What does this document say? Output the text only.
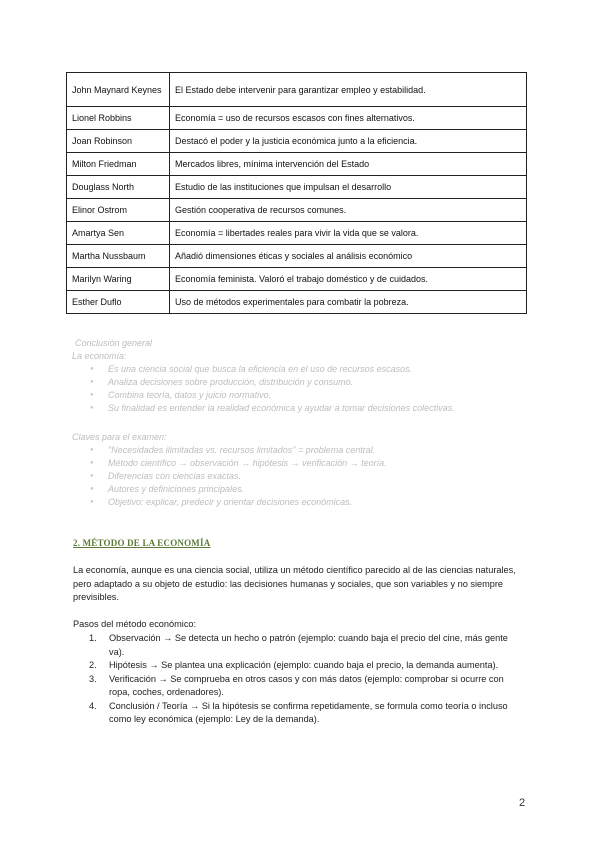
John Maynard Keynes	El Estado debe intervenir para garantizar empleo y estabilidad.
Lionel Robbins	Economía = uso de recursos escasos con fines alternativos.
Joan Robinson	Destacó el poder y la justicia económica junto a la eficiencia.
Milton Friedman	Mercados libres, mínima intervención del Estado
Douglass North	Estudio de las instituciones que impulsan el desarrollo
Elinor Ostrom	Gestión cooperativa de recursos comunes.
Amartya Sen	Economía = libertades reales para vivir la vida que se valora.
Martha Nussbaum	Añadió dimensiones éticas y sociales al análisis económico
Marilyn Waring	Economía feminista. Valoró el trabajo doméstico y de cuidados.
Esther Duflo	Uso de métodos experimentales para combatir la pobreza.
Conclusión general
La economía:
● Es una ciencia social que busca la eficiencia en el uso de recursos escasos.
● Analiza decisiones sobre producción, distribución y consumo.
● Combina teoría, datos y juicio normativo.
● Su finalidad es entender la realidad económica y ayudar a tomar decisiones colectivas.
Claves para el examen:
● "Necesidades ilimitadas vs. recursos limitados" = problema central.
● Método científico → observación → hipótesis → verificación → teoría.
● Diferencias con ciencias exactas.
● Autores y definiciones principales.
● Objetivo: explicar, predecir y orientar decisiones económicas.
2. MÉTODO DE LA ECONOMÍA
La economía, aunque es una ciencia social, utiliza un método científico parecido al de las ciencias naturales, pero adaptado a su objeto de estudio: las decisiones humanas y sociales, que son variables y no siempre previsibles.
Pasos del método económico:
1. Observación → Se detecta un hecho o patrón (ejemplo: cuando baja el precio del cine, más gente va).
2. Hipótesis → Se plantea una explicación (ejemplo: cuando baja el precio, la demanda aumenta).
3. Verificación → Se comprueba en otros casos y con más datos (ejemplo: comprobar si ocurre con ropa, coches, ordenadores).
4. Conclusión / Teoría → Si la hipótesis se confirma repetidamente, se formula como teoría o incluso como ley económica (ejemplo: Ley de la demanda).
2
